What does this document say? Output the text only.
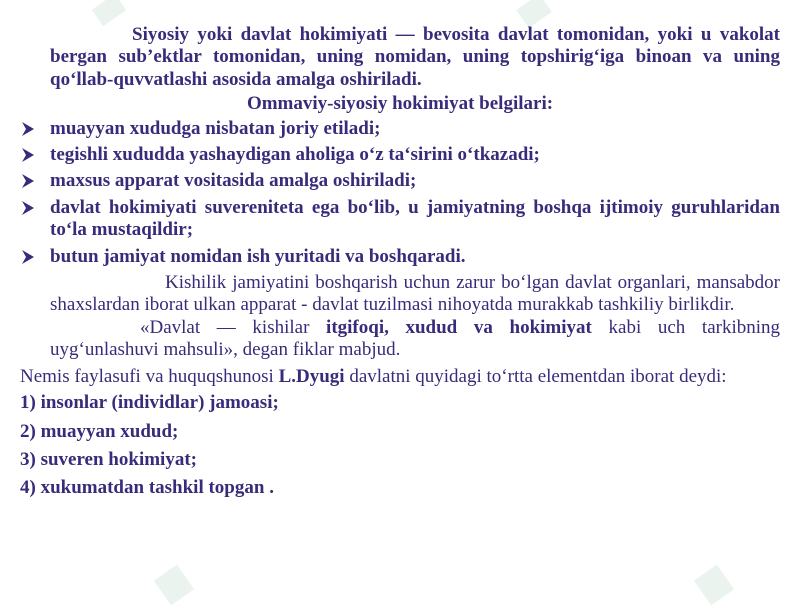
Siyosiy yoki davlat hokimiyati — bevosita davlat tomonidan, yoki u vakolat bergan sub’ektlar tomonidan, uning nomidan, uning topshirig‘iga binoan va uning qo‘llab-quvvatlashi asosida amalga oshiriladi.

Ommaviy-siyosiy hokimiyat belgilari:

muayyan xududga nisbatan joriy etiladi;
tegishli xududda yashaydigan aholiga o‘z ta‘sirini o‘tkazadi;
maxsus apparat vositasida amalga oshiriladi;
davlat hokimiyati suvereniteta ega bo‘lib, u jamiyatning boshqa ijtimoiy guruhlaridan to‘la mustaqildir;
butun jamiyat nomidan ish yuritadi va boshqaradi.

Kishilik jamiyatini boshqarish uchun zarur bo‘lgan davlat organlari, mansabdor shaxslardan iborat ulkan apparat - davlat tuzilmasi nihoyatda murakkab tashkiliy birlikdir.

«Davlat — kishilar itgifoqi, xudud va hokimiyat kabi uch tarkibning uyg‘unlashuvi mahsuli», degan fiklar mabjud.

Nemis faylasufi va huquqshunosi L.Dyugi davlatni quyidagi to‘rtta elementdan iborat deydi:

1) insonlar (individlar) jamoasi;

2) muayyan xudud;

3) suveren hokimiyat;

4) xukumatdan tashkil topgan .
